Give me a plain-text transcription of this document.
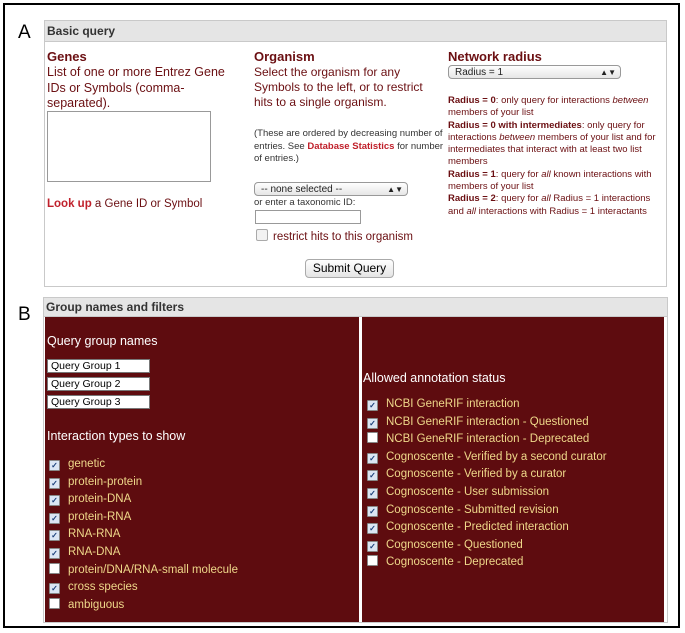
A
B
Basic query
Genes
List of one or more Entrez Gene IDs or Symbols (comma-separated).
Look up a Gene ID or Symbol
Organism
Select the organism for any Symbols to the left, or to restrict hits to a single organism.
(These are ordered by decreasing number of entries. See Database Statistics for number of entries.)
-- none selected --	▲▼
or enter a taxonomic ID:
restrict hits to this organism
Network radius
Radius = 1	▲▼
Radius = 0: only query for interactions between members of your list
Radius = 0 with intermediates: only query for interactions between members of your list and for intermediates that interact with at least two list members
Radius = 1: query for all known interactions with members of your list
Radius = 2: query for all Radius = 1 interactions and all interactions with Radius = 1 interactants
Submit Query
Group names and filters
Query group names
Interaction types to show
Query Group 1
Query Group 2
Query Group 3
✓ genetic
✓ protein-protein
✓ protein-DNA
✓ protein-RNA
✓ RNA-RNA
✓ RNA-DNA
protein/DNA/RNA-small molecule
✓ cross species
ambiguous
Allowed annotation status
✓ NCBI GeneRIF interaction
✓ NCBI GeneRIF interaction - Questioned
NCBI GeneRIF interaction - Deprecated
✓ Cognoscente - Verified by a second curator
✓ Cognoscente - Verified by a curator
✓ Cognoscente - User submission
✓ Cognoscente - Submitted revision
✓ Cognoscente - Predicted interaction
✓ Cognoscente - Questioned
Cognoscente - Deprecated
